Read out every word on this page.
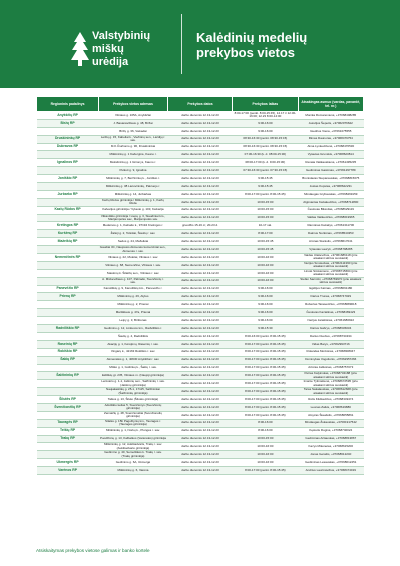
Valstybinių
miškų
urėdija
Kalėdinių medelių
prekybos vietos
Regioninis padalinys	Prekybos vietos adresas	Prekybos datos	Prekybos laikas	Atsakingas asmuo (vardas, pavardė, tel. nr.)
Anykščių RP	Vilniaus g. 105A, Anykščiai	darbo dienomis 12.13-12.23	8:00-17:00 (penkt. 8:00-15:45), 12.17 ir 12.00-16:00; 12.23 8:00-14:00	Monika Romanovienė, +37068408285
Biržų RP	J. Basanavičiaus g. 48, Biržai	darbo dienomis 12.13-12.23	9:00-16:00	Aurelijus Šepetis, +37062076622
	Biržų g. 36, Vaivadai	darbo dienomis 12.13-12.23	9:00-16:00	Giedrius Viena, +37061075555
Druskininkų RP	Leičių g. 15, Kabeliai k., Viečiūnų sen., Lazdijų r. sav.	darbo dienomis 12.13-12.23	08:30-16:30 (penkt. 08:30-15:15)	Rimas Daunoras, +37068479754
Dubravos RP	M.K.Čiurlionio g. 96, Druskininkai	darbo dienomis 12.13-12.23	08:30-16:30 (penkt. 08:30-15:15)	Alma Lynkevičienė, +37068476530
	Miškininkų g. 1 Kačerginė, Kauno r.	darbo dienomis 12.13-12.23	07:30-16:30 (k. d. 08:00-15:30)	Vytautas Grunskis, +37068620814
Ignalinos RP	Mokslininkų g. 1 Girionys, Kauno r.	darbo dienomis 12.13-12.23	08:00-17:00 (k. d. 9:00-15:30)	Renata Vaškauskienė, +37061495235
	Puikuti g. 9, Ignalina	darbo dienomis 12.13-12.23	07:30-16:30 (penkt. 07:30-15:15)	Gediminas Gasiūnas, +37061297789
Joniškio RP	Miškininkų g. 7, Beržininkų k., Joniškio r.	darbo dienomis 12.13-12.23	9:00-15:45	Bronislavas Stepanauskas, +37068815675
	Miškininkų g. 38 Lietuvininkų, Pakruojo r.	darbo dienomis 12.13-12.23	9:00-15:45	Justas Kupstas, +37068622231
Jurbarko RP	Miškininkų g. 14, Jurbarkas	darbo dienomis 12.13-12.23	8:00-17:00 (penkt. 8:00-15:45)	Mindaugas Grybauskas, +37068469159
	Kazlų Rūdos girininkija / Miškininkų g. 1, Kazlų Rūda	darbo dienomis 12.13-12.23	10:00-15:00	Algimantas Kazakevičius, +37068712800
Kazlų Rūdos RP	Kalvarijos girininkija / Vytauto g. 103, Kalvarija	darbo dienomis 12.13-12.23	10:00-15:00	Česlovas Biksvilas, +37068629119
	Vilkaviškio girininkija / Liepų g. 3, Šiaudiniai km., Marijampolės sav., Marijampolės sav.	darbo dienomis 12.13-12.23	10:00-15:00	Valdas Vaitkevičius, +37068619965
Kretingos RP	Medeinos g. 1, Kalnalio k., 97194 Kretingos r.	gruodžio 15-16 d.; 20-23 d.	10-17 val.	Ramūnas Kazakys, +37061311706
Kuršėnų RP	Žalioji g. 2, Tolėšiai, Šiaulių r. sav.	darbo dienomis 12.13-12.23	8:00-17:00	Dainius Norkūnas, +37068544353
Mažeikių RP	Sedos g. 24, Mažeikiai	darbo dienomis 12.13-12.23	10:00-15:45	Arūnas Staniulis, +37068617041
	Gaudiai 3C, Naujosios Akmenės komerciniai sen., Akmenės r. sav.	darbo dienomis 12.13-12.23	10:00-15:45	Vytautas Lauryš, +37068798285
Nemenčinės RP	Vilniaus g. 22, Molėtai, Vilniaus r. sav.	darbo dienomis 12.13-12.23	10:00-16:00	Vaidas Ulaševičius, +37061686118 (prie atsakant skirtus susisiekti)
	Vilniaus g. 68, Nemenčinė, Vilniaus r. sav.	darbo dienomis 12.13-12.23	10:00-16:00	Nerijus Smoleckas, +37062111390 (prie atsakant skirtus susisiekti)
	Stasiūnų k. Šilaičių sen., Vilniaus r. sav.	darbo dienomis 12.13-12.23	10:00-16:00	Linutė Šimkėnienė, +37068715664 (prie atsakant skirtus susisiekti)
	A. Mickevičiaus g. 107, Pabradė, Švenčionių r. sav.	darbo dienomis 12.13-12.23	10:00-16:00	Stefan Sarnicki, +37068769970 (prie atsakant skirtus susisiekti)
Panevėžio RP	Kanoliškių g. 9, Kanoliškių km., Panevėžio r.	darbo dienomis 12.13-12.23	9:00-16:00	Egidijus Katinas, +37068691180
Prienų RP	Miškininkų g. 26, Alytus	darbo dienomis 12.13-12.23	9:00-16:00	Darius Trunas, +37068747029
	Miškininkų g. 2, Prienai	darbo dienomis 12.13-12.23	9:00-16:00	Robertas Tarasevičius, +37068689018
	Mariškiaus g. 47a, Prienai	darbo dienomis 12.13-12.23	9:00-16:00	Česlovas Kazaitinas, +37068469423
	Leipy g. 3, Birštonas	darbo dienomis 12.13-12.23	9:00-16:00	Nerijus Jarašiūnas, +37061680922
Radviliškio RP	Gedimino g. 12, Linkuvos km., Radviliškio r.	darbo dienomis 12.13-12.23	9:00-15:30	Darius Gabrys, +37068636034
	Šaulių g. 4, Radviliškis	darbo dienomis 12.13-12.23	8:00-16:00 (penkt. 8:00-15:45)	Darius Duobus, +37068734334
Raseinių RP	Akacijų g. 1, Kėrėjūnų, Raseinių r. sav.	darbo dienomis 12.13-12.23	8:00-17:00 (penkt. 8:00-15:45)	Vidas Barys, +37062993716
Rokiškio RP	Vingarų k., 42163 Rokiškio r. sav.	darbo dienomis 12.13-12.23	8:00-17:00 (penkt. 8:00-15:45)	Rolandas Morkūnas, +37068908047
Šakių RP	Akmenėlės g. 1, 40630 Anykščiai r. sav.	darbo dienomis 12.13-12.23	8:00-17:00 (penkt. 8:00-15:45)	Dominykas Vogulionis, +37062957266
	Miško g. 1, Gotlinkų k., Šakių r. sav.	darbo dienomis 12.13-12.23	8:00-17:00 (penkt. 8:00-15:45)	Artūras Jaškūnas, +37068757073
Šalčininkų RP	Eidiškių gt. 235, Vilniaus m. (Naujoji girininkija)	darbo dienomis 12.13-12.23	8:00-17:00 (penkt. 8:00-15:45)	Petras Kalyinskas, +37068734188 (prie atsakant skirtus susisiekti)
	Lentvario g. 1-1, Jašiūnų sen., Šalčininkų r. sav. (Jašiūnų girininkija)	darbo dienomis 12.13-12.23	8:00-17:00 (penkt. 8:00-15:45)	Imante Tyšinskienė, +37068672595 (prie atsakant skirtus susisiekti)
	Naujakasiškų g. 25-1, 17115, Šalčininkai (Šalčininkų girininkija)	darbo dienomis 12.13-12.23	8:00-17:00 (penkt. 8:00-15:45)	Taras Sakalauskas, +37068612668 (prie atsakant skirtus susisiekti)
Šilutės RP	Taikos g. 13, Šilutė (Šilutės girininkija)	darbo dienomis 12.13-12.23	8:00-17:00 (penkt. 8:00-15:45)	Rolis Kikštavičius, +37068349474
Švenčionėlių RP	Adutiškio kelias 5, Švenčionys (Švenčionių girininkija)	darbo dienomis 12.13-12.23	8:00-17:00 (penkt. 8:00-15:45)	Leonas Zaikis, +37068619880
	Žemaičių g. 48, Švenčionėliai (Švenčionėlių girininkija)	darbo dienomis 12.13-12.23	8:00-17:00 (penkt. 8:00-15:45)	Aloyzas Šiaudėlis, +37068655861
Tauragės RP	Šilalės g. 15b Pagulbynių km., Tauragės r. (Tauragės girininkija)	darbo dienomis 12.13-12.23	8:00-16:00	Mindaugas Žukauskas, +37061917542
Telšių RP	Miškininkų g. 1, Norkų k., Plungės r. sav.	darbo dienomis 12.13-12.23	8:00-16:00	Kęstutis Ruginė, +37068740024
Trakų RP	Puodžiūnų g. 13, Kalbatkos (Varėnėlės) girininkija	darbo dienomis 12.13-12.23	10:00-15:00	Gediminas Aršauskas, +37068813867
	Miškininkų g. 12, Aukštadvaris, Trakų r. sav. (Aukštadvario girininkija)	darbo dienomis 12.13-12.23	10:00-16:00	Kazys Mikėnetas, +37068615200
	Gedimino g. 40, Semeliškės k. Trakų r. sav. (Trakų girininkija)	darbo dienomis 12.13-12.23	10:00-16:00	Jonas Geraitis, +37068612240
Ukmergės RP	Gedimino g. 6A, Ukmergė	darbo dienomis 12.13-12.23	10:00-16:00	Gediminas Lesauskas, +37068612451
Varėnos RP	Miškininkų g. 6, Varėna	darbo dienomis 12.13-12.23	8:00-17:00 (penkt. 8:00-15:45)	Andrius Laurinavičius, +37068474019
Atsiskaitymas prekybos vietose galimas ir banko kortele
